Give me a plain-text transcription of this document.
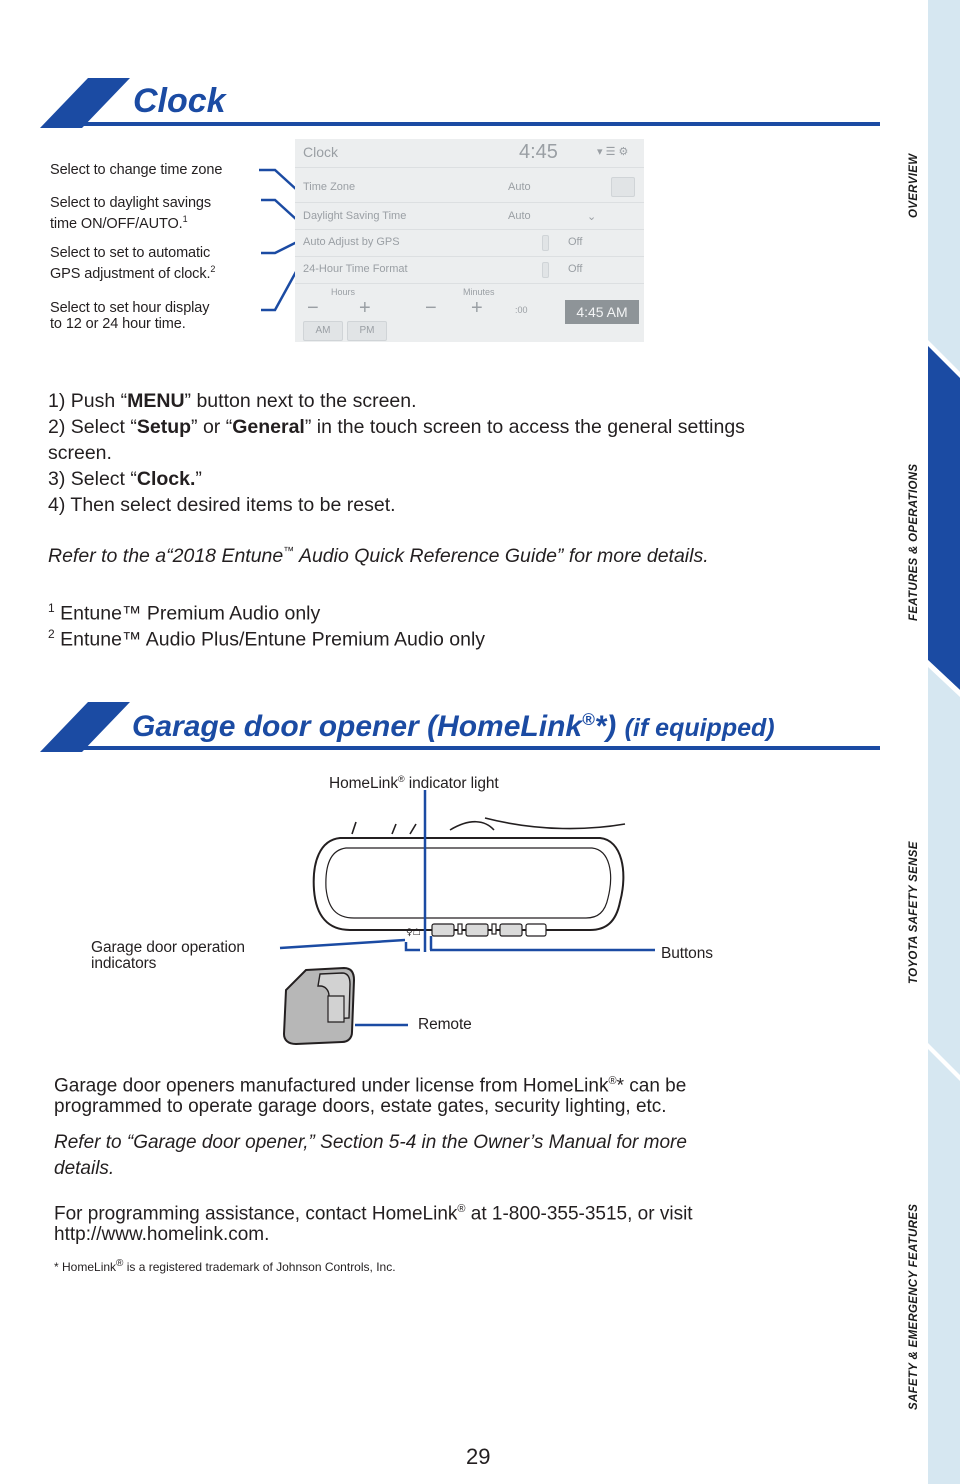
OVERVIEW
FEATURES & OPERATIONS
TOYOTA SAFETY SENSE
SAFETY & EMERGENCY FEATURES
Clock
Select to change time zone
Select to daylight savings
time ON/OFF/AUTO.$^1$
Select to set to automatic
GPS adjustment of clock.$^2$
Select to set hour display
to 12 or 24 hour time.
Clock	4:45	▾ ☰ ⚙
Time Zone	Auto
Daylight Saving Time	Auto	⌄
Auto Adjust by GPS	Off
24-Hour Time Format	Off
Hours	Minutes
− +	− +	:00	4:45 AM
AM	PM
1) Push “MENU” button next to the screen.
2) Select “Setup” or “General” in the touch screen to access the general settings
screen.
3) Select “Clock.”
4) Then select desired items to be reset.
Refer to the a“2018 Entune™ Audio Quick Reference Guide” for more details.
$^1$ Entune™ Premium Audio only
$^2$ Entune™ Audio Plus/Entune Premium Audio only
Garage door opener (HomeLink®*) (if equipped)
HomeLink® indicator light
Garage door operation
indicators
Buttons
Remote
♀☖
Garage door openers manufactured under license from HomeLink®* can be
programmed to operate garage doors, estate gates, security lighting, etc.
Refer to “Garage door opener,” Section 5-4 in the Owner’s Manual for more
details.
For programming assistance, contact HomeLink® at 1-800-355-3515, or visit
http://www.homelink.com.
* HomeLink® is a registered trademark of Johnson Controls, Inc.
29
